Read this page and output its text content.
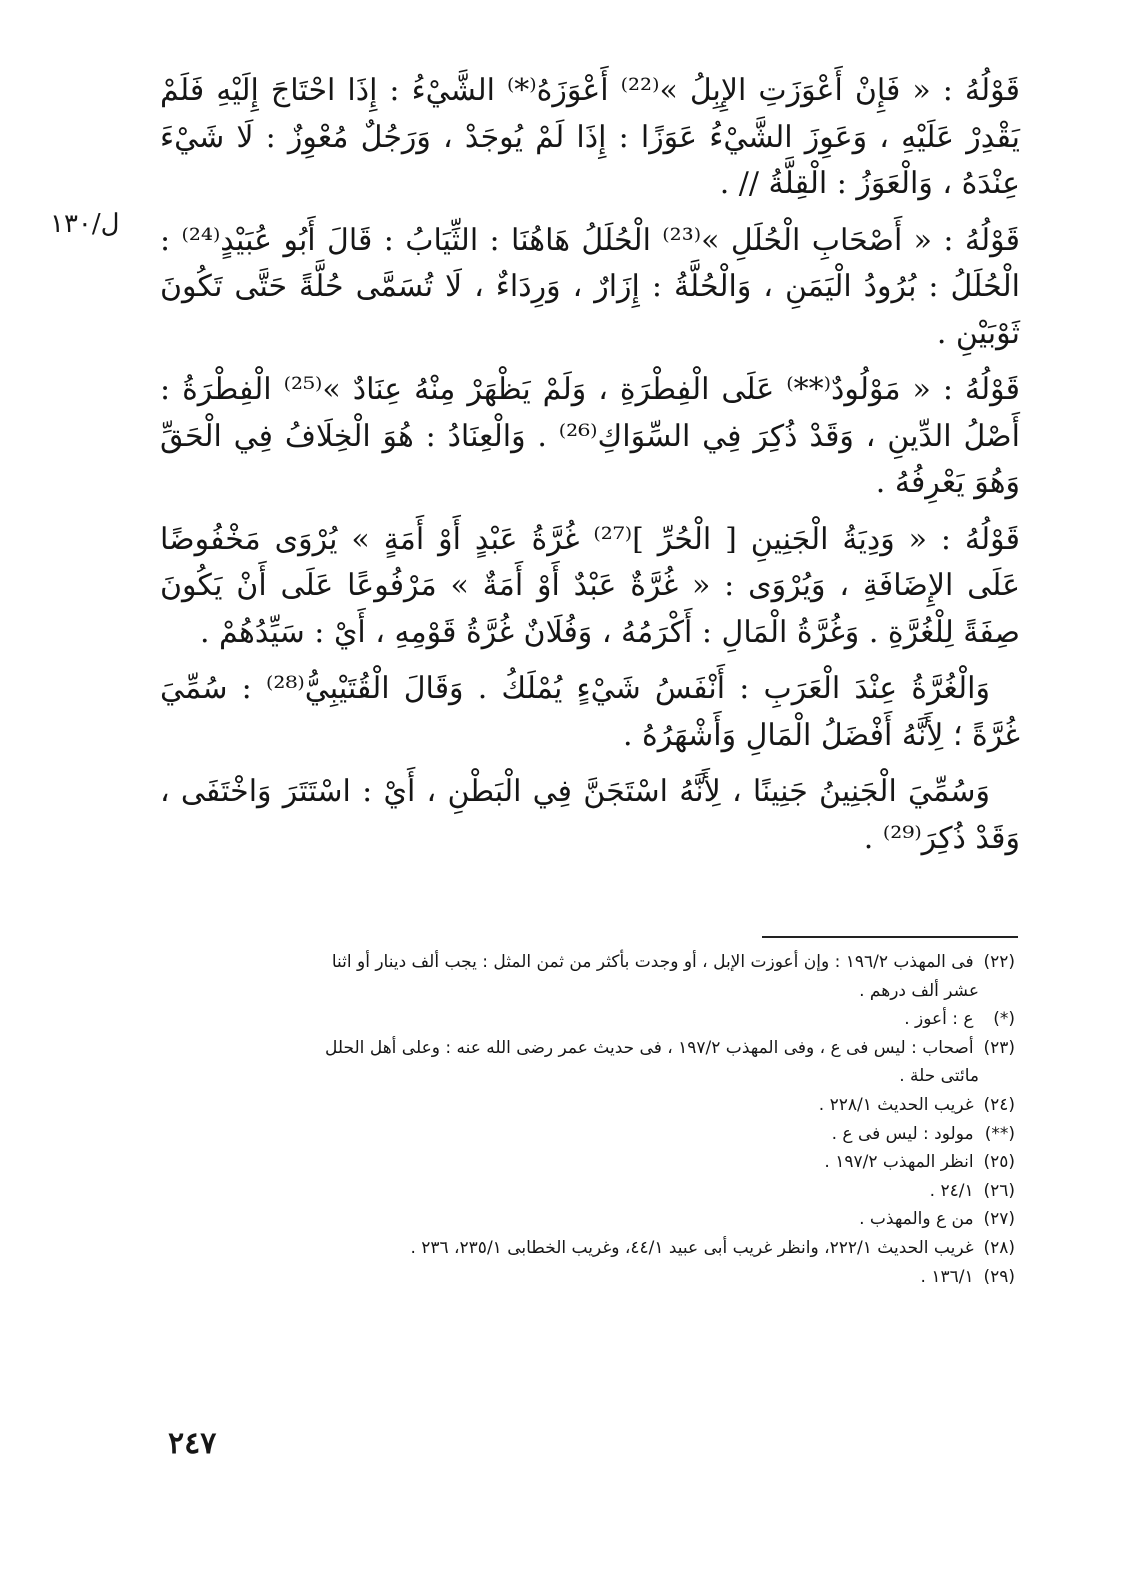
ل/١٣٠

قَوْلُهُ : « فَإِنْ أَعْوَزَتِ الإِبِلُ »⁽²²⁾ أَعْوَزَهُ⁽*⁾ الشَّيْءُ : إِذَا احْتَاجَ إِلَيْهِ فَلَمْ يَقْدِرْ عَلَيْهِ ، وَعَوِزَ الشَّيْءُ عَوَزًا : إِذَا لَمْ يُوجَدْ ، وَرَجُلٌ مُعْوِزٌ : لَا شَيْءَ عِنْدَهُ ، وَالْعَوَزُ : الْقِلَّةُ // .

قَوْلُهُ : « أَصْحَابِ الْحُلَلِ »⁽²³⁾ الْحُلَلُ هَاهُنَا : الثِّيَابُ : قَالَ أَبُو عُبَيْدٍ⁽²⁴⁾ : الْحُلَلُ : بُرُودُ الْيَمَنِ ، وَالْحُلَّةُ : إِزَارٌ ، وَرِدَاءٌ ، لَا تُسَمَّى حُلَّةً حَتَّى تَكُونَ ثَوْبَيْنِ .

قَوْلُهُ : « مَوْلُودٌ⁽**⁾ عَلَى الْفِطْرَةِ ، وَلَمْ يَظْهَرْ مِنْهُ عِنَادٌ »⁽²⁵⁾ الْفِطْرَةُ : أَصْلُ الدِّينِ ، وَقَدْ ذُكِرَ فِي السِّوَاكِ⁽²⁶⁾ . وَالْعِنَادُ : هُوَ الْخِلَافُ فِي الْحَقِّ وَهُوَ يَعْرِفُهُ .

قَوْلُهُ : « وَدِيَةُ الْجَنِينِ [ الْحُرِّ ]⁽²⁷⁾ غُرَّةُ عَبْدٍ أَوْ أَمَةٍ » يُرْوَى مَخْفُوضًا عَلَى الإِضَافَةِ ، وَيُرْوَى : « غُرَّةٌ عَبْدٌ أَوْ أَمَةٌ » مَرْفُوعًا عَلَى أَنْ يَكُونَ صِفَةً لِلْغُرَّةِ . وَغُرَّةُ الْمَالِ : أَكْرَمُهُ ، وَفُلَانٌ غُرَّةُ قَوْمِهِ ، أَيْ : سَيِّدُهُمْ .

وَالْغُرَّةُ عِنْدَ الْعَرَبِ : أَنْفَسُ شَيْءٍ يُمْلَكُ . وَقَالَ الْقُتَيْبِيُّ⁽²⁸⁾ : سُمِّيَ غُرَّةً ؛ لِأَنَّهُ أَفْضَلُ الْمَالِ وَأَشْهَرُهُ .

وَسُمِّيَ الْجَنِينُ جَنِينًا ، لِأَنَّهُ اسْتَجَنَّ فِي الْبَطْنِ ، أَيْ : اسْتَتَرَ وَاخْتَفَى ، وَقَدْ ذُكِرَ⁽²⁹⁾ .

(٢٢) فى المهذب ١٩٦/٢ : وإن أعوزت الإبل ، أو وجدت بأكثر من ثمن المثل : يجب ألف دينار أو اثنا
عشر ألف درهم .

(*) ع : أعوز .

(٢٣) أصحاب : ليس فى ع ، وفى المهذب ١٩٧/٢ ، فى حديث عمر رضى الله عنه : وعلى أهل الحلل
مائتى حلة .

(٢٤) غريب الحديث ٢٢٨/١ .

(**) مولود : ليس فى ع .

(٢٥) انظر المهذب ١٩٧/٢ .

(٢٦) ٢٤/١ .

(٢٧) من ع والمهذب .

(٢٨) غريب الحديث ٢٢٢/١، وانظر غريب أبى عبيد ٤٤/١، وغريب الخطابى ٢٣٥/١، ٢٣٦ .

(٢٩) ١٣٦/١ .

٢٤٧
